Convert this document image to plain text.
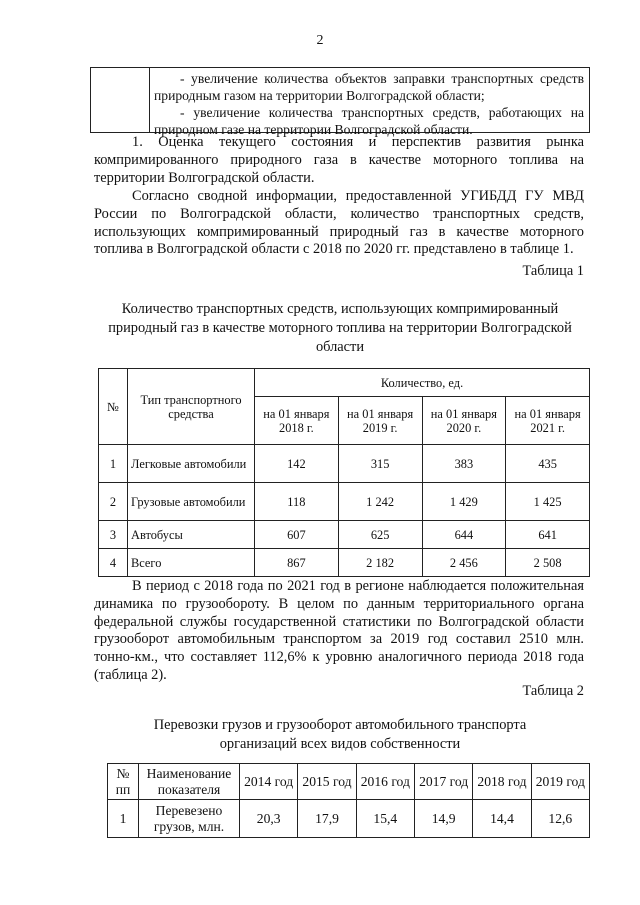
2
- увеличение количества объектов заправки транспортных средств природным газом на территории Волгоградской области;
- увеличение количества транспортных средств, работающих на природном газе на территории Волгоградской области.
1. Оценка текущего состояния и перспектив развития рынка компримированного природного газа в качестве моторного топлива на территории Волгоградской области.
Согласно сводной информации, предоставленной УГИБДД ГУ МВД России по Волгоградской области, количество транспортных средств, использующих компримированный природный газ в качестве моторного топлива в Волгоградской области с 2018 по 2020 гг. представлено в таблице 1.
Таблица 1
Количество транспортных средств, использующих компримированный природный газ в качестве моторного топлива на территории Волгоградской области
№	Тип транспортного средства	Количество, ед.			
		на 01 января 2018 г.	на 01 января 2019 г.	на 01 января 2020 г.	на 01 января 2021 г.
1	Легковые автомобили	142	315	383	435
2	Грузовые автомобили	118	1 242	1 429	1 425
3	Автобусы	607	625	644	641
4	Всего	867	2 182	2 456	2 508
В период с 2018 года по 2021 год в регионе наблюдается положительная динамика по грузообороту. В целом по данным территориального органа федеральной службы государственной статистики по Волгоградской области грузооборот автомобильным транспортом за 2019 год составил 2510 млн. тонно-км., что составляет 112,6% к уровню аналогичного периода 2018 года (таблица 2).
Таблица 2
Перевозки грузов и грузооборот автомобильного транспорта организаций всех видов собственности
№ пп	Наименование показателя	2014 год	2015 год	2016 год	2017 год	2018 год	2019 год
1	Перевезено грузов, млн.	20,3	17,9	15,4	14,9	14,4	12,6
